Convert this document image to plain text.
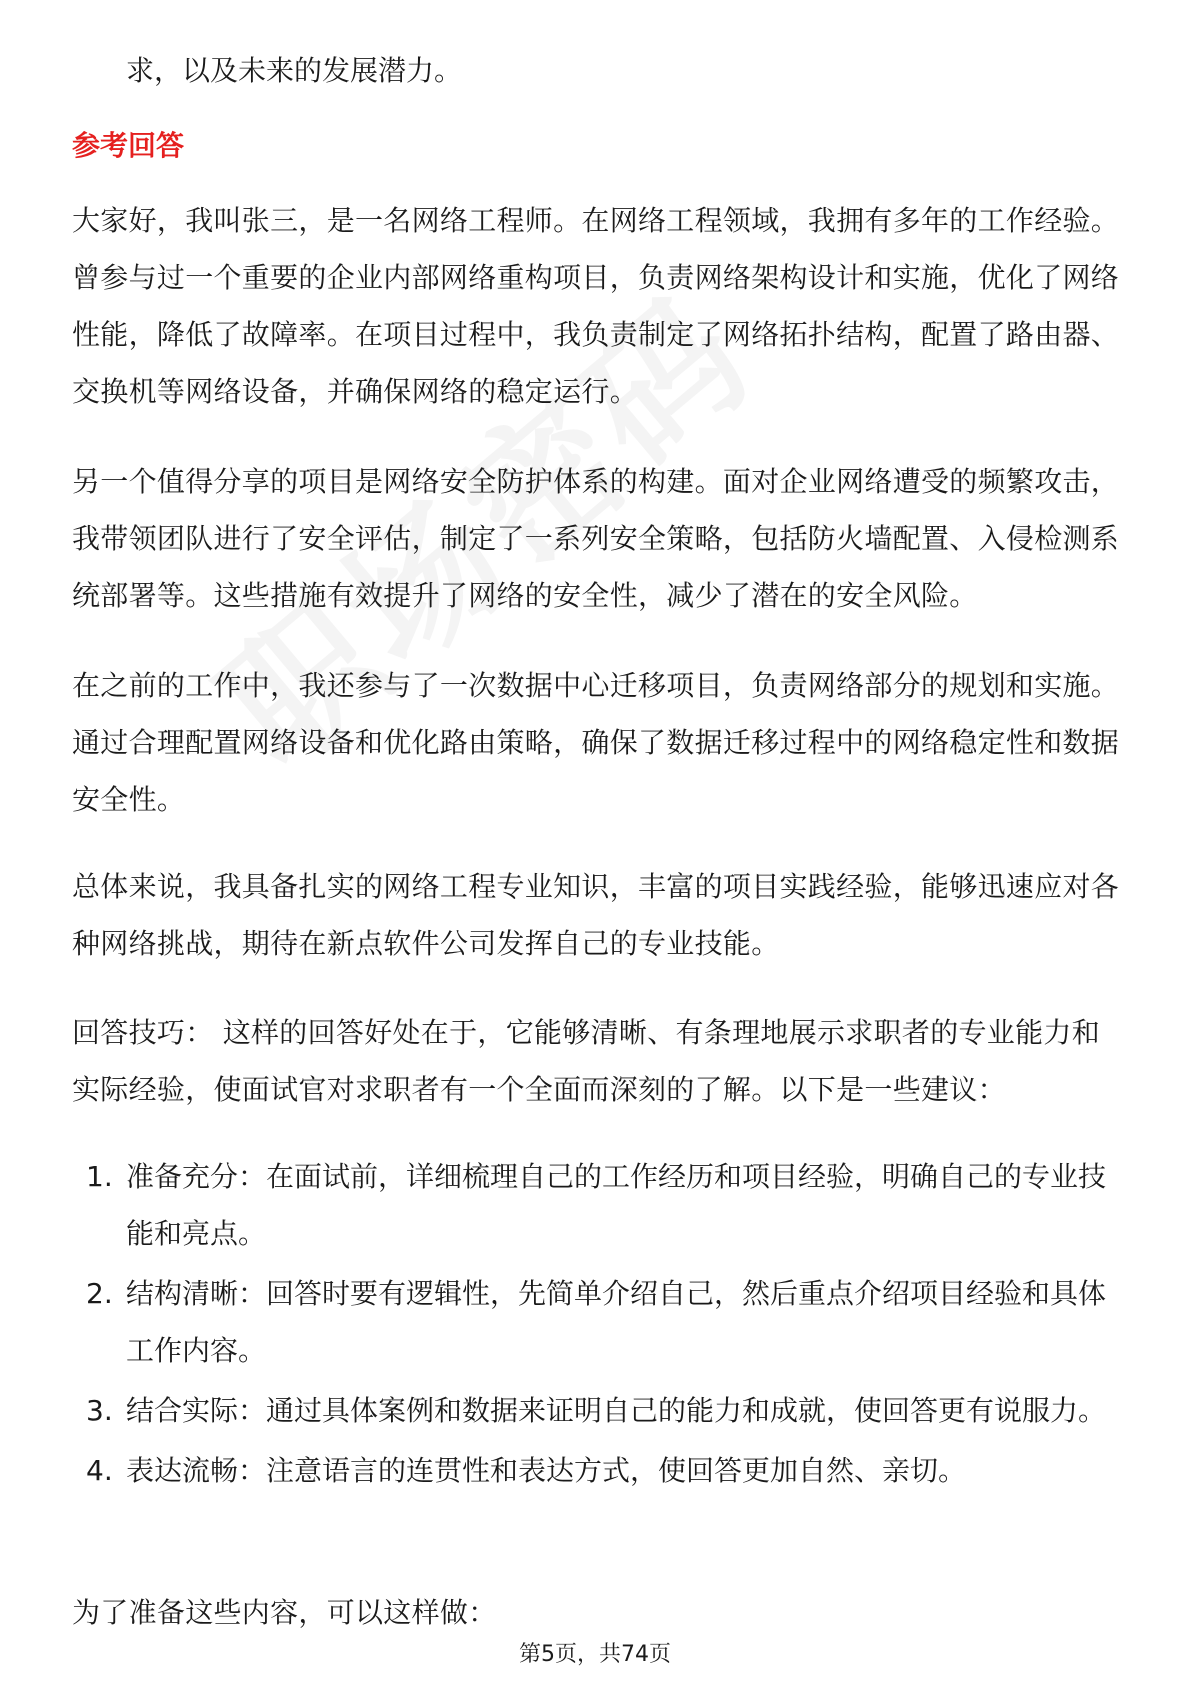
求，以及未来的发展潜力。
参考回答
大家好，我叫张三，是一名网络工程师。在网络工程领域，我拥有多年的工作经验。曾参与过一个重要的企业内部网络重构项目，负责网络架构设计和实施，优化了网络性能，降低了故障率。在项目过程中，我负责制定了网络拓扑结构，配置了路由器、交换机等网络设备，并确保网络的稳定运行。
另一个值得分享的项目是网络安全防护体系的构建。面对企业网络遭受的频繁攻击，我带领团队进行了安全评估，制定了一系列安全策略，包括防火墙配置、入侵检测系统部署等。这些措施有效提升了网络的安全性，减少了潜在的安全风险。
在之前的工作中，我还参与了一次数据中心迁移项目，负责网络部分的规划和实施。通过合理配置网络设备和优化路由策略，确保了数据迁移过程中的网络稳定性和数据安全性。
总体来说，我具备扎实的网络工程专业知识，丰富的项目实践经验，能够迅速应对各种网络挑战，期待在新点软件公司发挥自己的专业技能。
回答技巧： 这样的回答好处在于，它能够清晰、有条理地展示求职者的专业能力和实际经验，使面试官对求职者有一个全面而深刻的了解。以下是一些建议：
1. 准备充分：在面试前，详细梳理自己的工作经历和项目经验，明确自己的专业技能和亮点。
2. 结构清晰：回答时要有逻辑性，先简单介绍自己，然后重点介绍项目经验和具体工作内容。
3. 结合实际：通过具体案例和数据来证明自己的能力和成就，使回答更有说服力。
4. 表达流畅：注意语言的连贯性和表达方式，使回答更加自然、亲切。
为了准备这些内容，可以这样做：
第5页，共74页
